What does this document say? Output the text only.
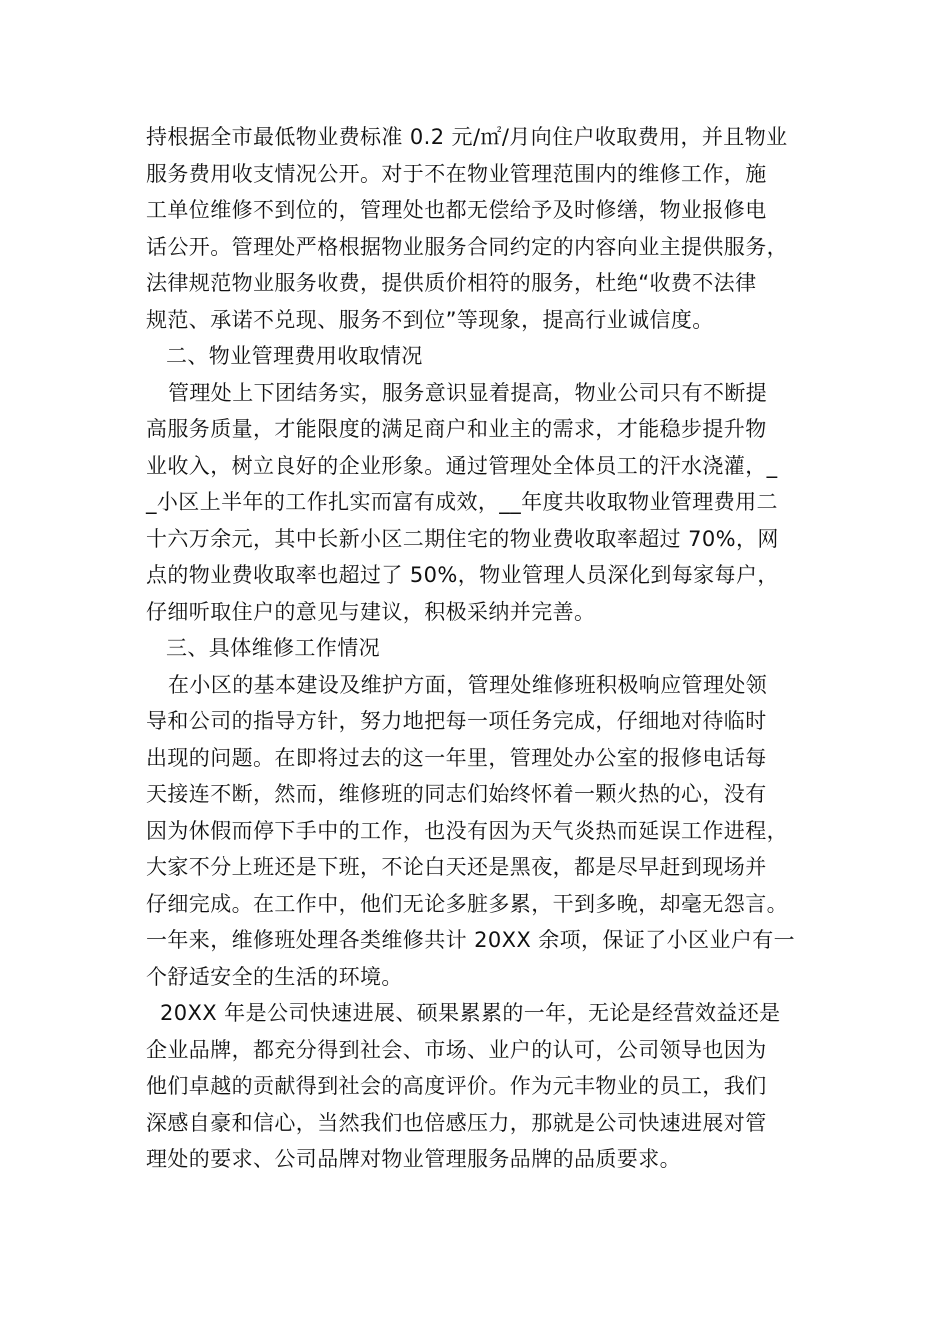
持根据全市最低物业费标准 0.2 元/㎡/月向住户收取费用，并且物业
服务费用收支情况公开。对于不在物业管理范围内的维修工作，施
工单位维修不到位的，管理处也都无偿给予及时修缮，物业报修电
话公开。管理处严格根据物业服务合同约定的内容向业主提供服务，
法律规范物业服务收费，提供质价相符的服务，杜绝“收费不法律
规范、承诺不兑现、服务不到位”等现象，提高行业诚信度。
二、物业管理费用收取情况
管理处上下团结务实，服务意识显着提高，物业公司只有不断提
高服务质量，才能限度的满足商户和业主的需求，才能稳步提升物
业收入，树立良好的企业形象。通过管理处全体员工的汗水浇灌，_
_小区上半年的工作扎实而富有成效，__年度共收取物业管理费用二
十六万余元，其中长新小区二期住宅的物业费收取率超过 70%，网
点的物业费收取率也超过了 50%，物业管理人员深化到每家每户，
仔细听取住户的意见与建议，积极采纳并完善。
三、具体维修工作情况
在小区的基本建设及维护方面，管理处维修班积极响应管理处领
导和公司的指导方针，努力地把每一项任务完成，仔细地对待临时
出现的问题。在即将过去的这一年里，管理处办公室的报修电话每
天接连不断，然而，维修班的同志们始终怀着一颗火热的心，没有
因为休假而停下手中的工作，也没有因为天气炎热而延误工作进程，
大家不分上班还是下班，不论白天还是黑夜，都是尽早赶到现场并
仔细完成。在工作中，他们无论多脏多累，干到多晚，却毫无怨言。
一年来，维修班处理各类维修共计 20XX 余项，保证了小区业户有一
个舒适安全的生活的环境。
20XX 年是公司快速进展、硕果累累的一年，无论是经营效益还是
企业品牌，都充分得到社会、市场、业户的认可，公司领导也因为
他们卓越的贡献得到社会的高度评价。作为元丰物业的员工，我们
深感自豪和信心，当然我们也倍感压力，那就是公司快速进展对管
理处的要求、公司品牌对物业管理服务品牌的品质要求。
